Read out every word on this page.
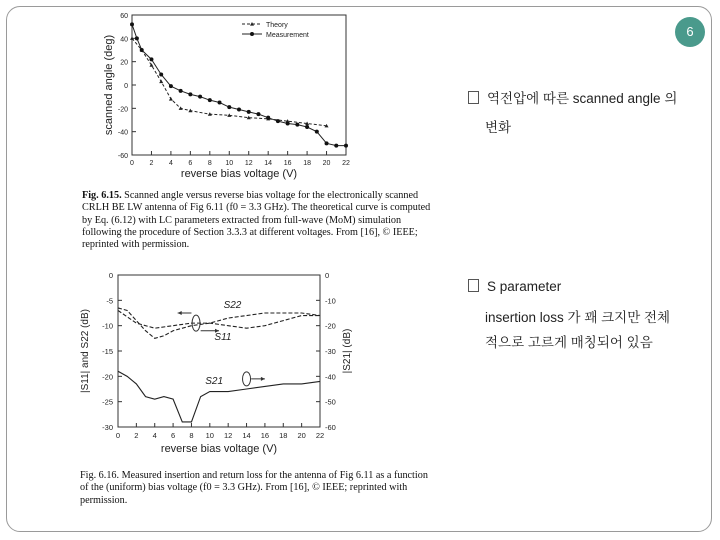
6
60
40
20
0
-20
-40
-60
0 2 4 6 8 10 12 14 16 18 20 22
reverse bias voltage (V)
scanned angle (deg)
Theory
Measurement
Fig. 6.15. Scanned angle versus reverse bias voltage for the electronically scanned CRLH BE LW antenna of Fig 6.11 (f0 = 3.3 GHz). The theoretical curve is computed by Eq. (6.12) with LC parameters extracted from full-wave (MoM) simulation following the procedure of Section 3.3.3 at different voltages. From [16], © IEEE; reprinted with permission.
0
-5
-10
-15
-20
-25
-30
0
-10
-20
-30
-40
-50
-60
0 2 4 6 8 10 12 14 16 18 20 22
reverse bias voltage (V)
|S11| and S22 (dB)	|S21| (dB)
S22
S11
S21
Fig. 6.16. Measured insertion and return loss for the antenna of Fig 6.11 as a function of the (uniform) bias voltage (f0 = 3.3 GHz). From [16], © IEEE; reprinted with permission.
역전압에 따른 scanned angle 의
변화
S parameter
insertion loss 가 꽤 크지만 전체
적으로 고르게 매칭되어 있음
